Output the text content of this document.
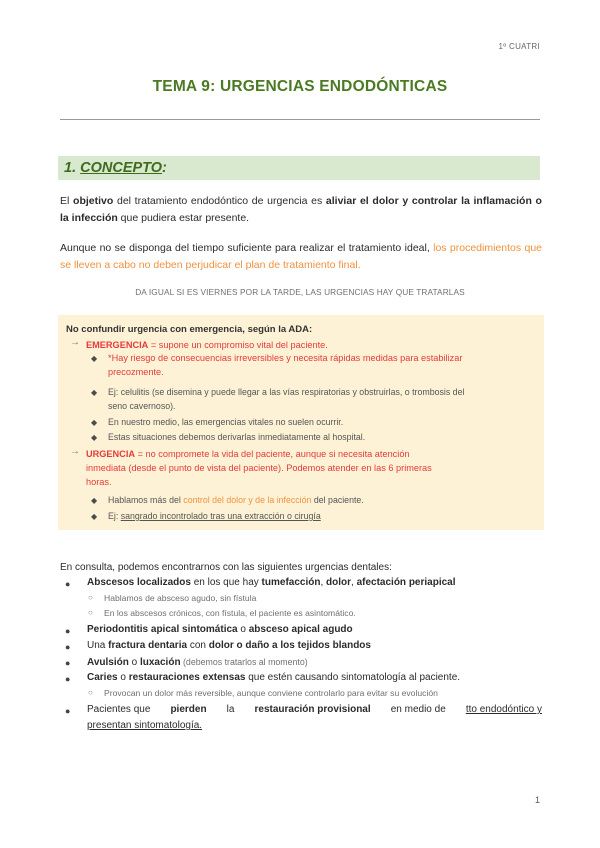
1º CUATRI
TEMA 9: URGENCIAS ENDODÓNTICAS
1. CONCEPTO:
El objetivo del tratamiento endodóntico de urgencia es aliviar el dolor y controlar la inflamación o la infección que pudiera estar presente.
Aunque no se disponga del tiempo suficiente para realizar el tratamiento ideal, los procedimientos que se lleven a cabo no deben perjudicar el plan de tratamiento final.
DA IGUAL SI ES VIERNES POR LA TARDE, LAS URGENCIAS HAY QUE TRATARLAS
No confundir urgencia con emergencia, según la ADA:
→ EMERGENCIA = supone un compromiso vital del paciente.
◆ *Hay riesgo de consecuencias irreversibles y necesita rápidas medidas para estabilizar
precozmente.
◆ Ej: celulitis (se disemina y puede llegar a las vías respiratorias y obstruirlas, o trombosis del
seno cavernoso).
◆ En nuestro medio, las emergencias vitales no suelen ocurrir.
◆ Estas situaciones debemos derivarlas inmediatamente al hospital.
→ URGENCIA = no compromete la vida del paciente, aunque si necesita atención
inmediata (desde el punto de vista del paciente). Podemos atender en las 6 primeras
horas.
◆ Hablamos más del control del dolor y de la infección del paciente.
◆ Ej: sangrado incontrolado tras una extracción o cirugía
En consulta, podemos encontrarnos con las siguientes urgencias dentales:
● Abscesos localizados en los que hay tumefacción, dolor, afectación periapical
○ Hablamos de absceso agudo, sin fístula
○ En los abscesos crónicos, con fístula, el paciente es asintomático.
● Periodontitis apical sintomática o absceso apical agudo
● Una fractura dentaria con dolor o daño a los tejidos blandos
● Avulsión o luxación (debemos tratarlos al momento)
● Caries o restauraciones extensas que estén causando sintomatología al paciente.
○ Provocan un dolor más reversible, aunque conviene controlarlo para evitar su evolución
● Pacientes que pierden la restauración provisional en medio de tto endodóntico y
presentan sintomatología.
1
